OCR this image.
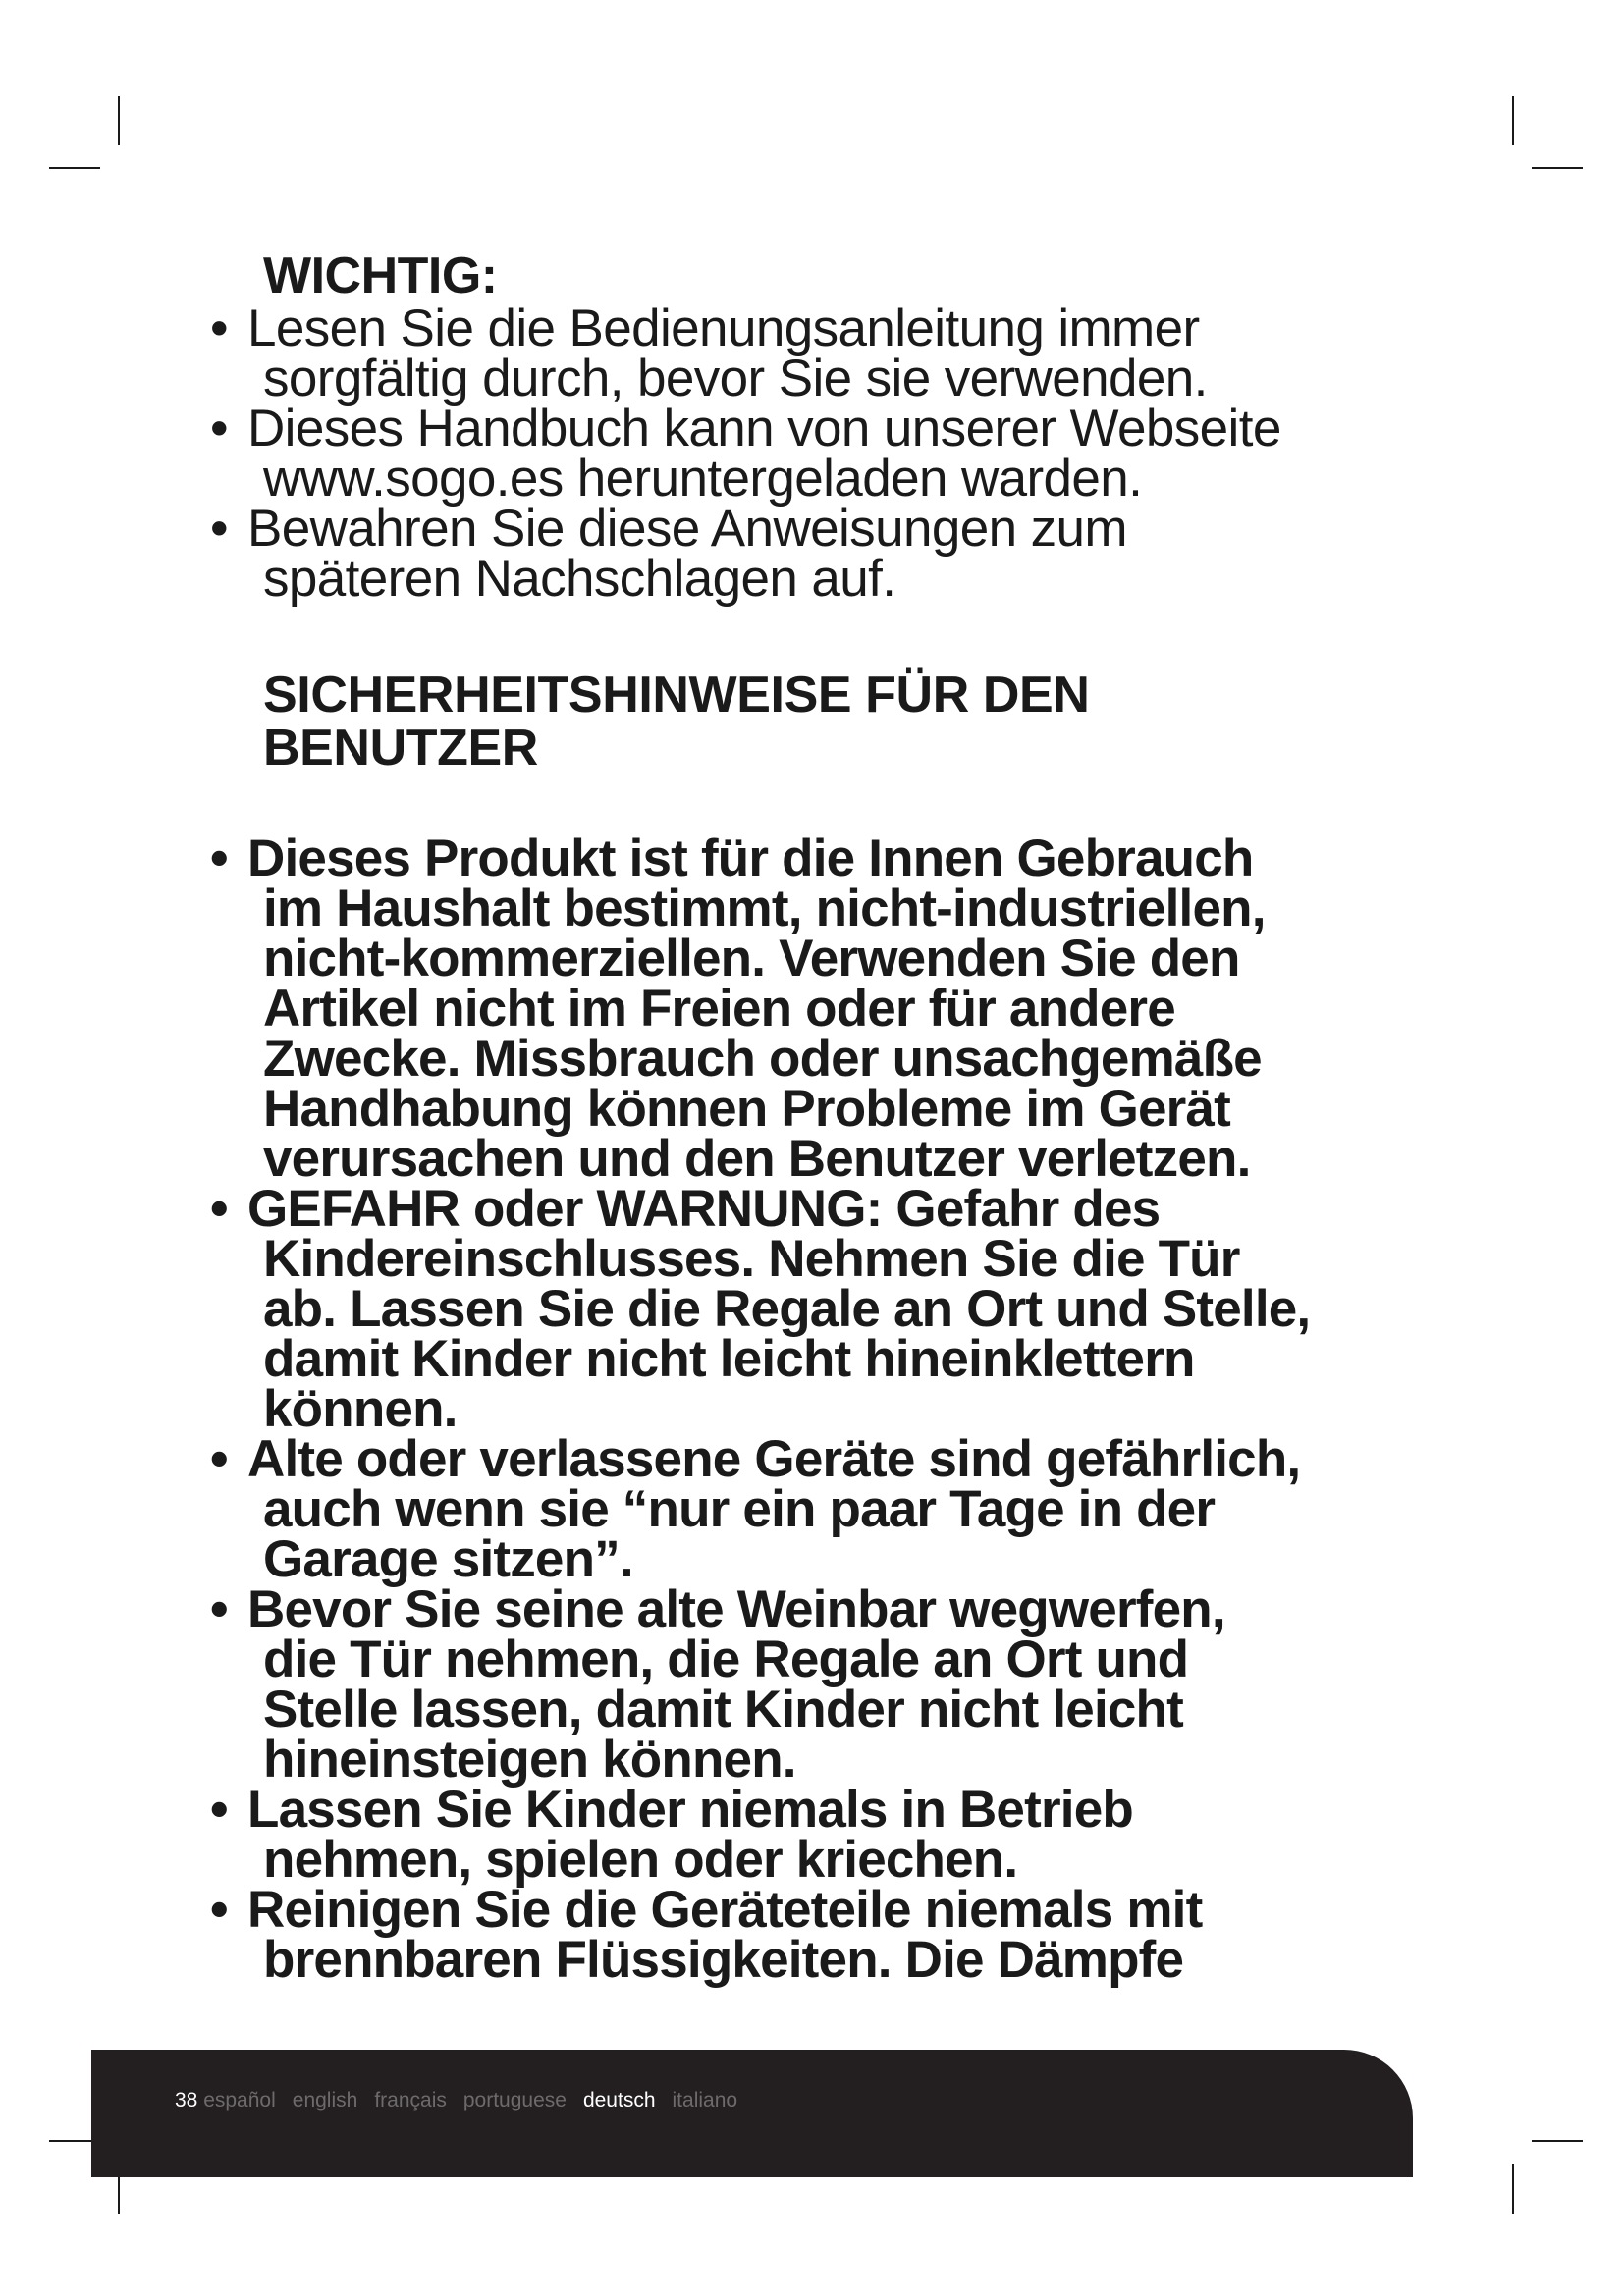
WICHTIG:
• Lesen Sie die Bedienungsanleitung immer
sorgfältig durch, bevor Sie sie verwenden.
• Dieses Handbuch kann von unserer Webseite
www.sogo.es heruntergeladen warden.
• Bewahren Sie diese Anweisungen zum
späteren Nachschlagen auf.
SICHERHEITSHINWEISE FÜR DEN
BENUTZER
• Dieses Produkt ist für die Innen Gebrauch
im Haushalt bestimmt, nicht-industriellen,
nicht-kommerziellen. Verwenden Sie den
Artikel nicht im Freien oder für andere
Zwecke. Missbrauch oder unsachgemäße
Handhabung können Probleme im Gerät
verursachen und den Benutzer verletzen.
• GEFAHR oder WARNUNG: Gefahr des
Kindereinschlusses. Nehmen Sie die Tür
ab. Lassen Sie die Regale an Ort und Stelle,
damit Kinder nicht leicht hineinklettern
können.
• Alte oder verlassene Geräte sind gefährlich,
auch wenn sie “nur ein paar Tage in der
Garage sitzen”.
• Bevor Sie seine alte Weinbar wegwerfen,
die Tür nehmen, die Regale an Ort und
Stelle lassen, damit Kinder nicht leicht
hineinsteigen können.
• Lassen Sie Kinder niemals in Betrieb
nehmen, spielen oder kriechen.
• Reinigen Sie die Geräteteile niemals mit
brennbaren Flüssigkeiten. Die Dämpfe
38 español english français portuguese deutsch italiano
